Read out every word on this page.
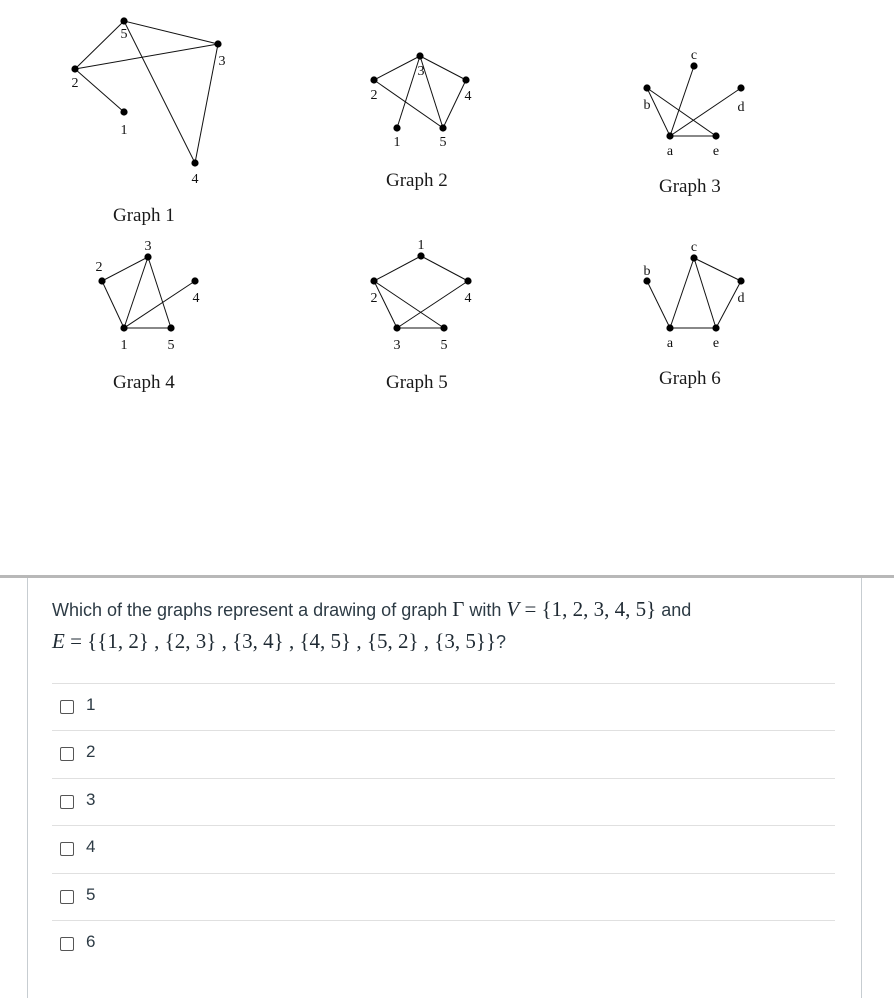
5
2
3
1
4
3
2	4
1	5
c
b	d
a	e
3
2
4
1	5
1
2	4
3	5
c
b
d
a	e
Graph 1
Graph 2	Graph 3
Graph 4	Graph 5	Graph 6
Which of the graphs represent a drawing of graph Γ with V = {1, 2, 3, 4, 5} and
E = {{1, 2} , {2, 3} , {3, 4} , {4, 5} , {5, 2} , {3, 5}}?
1
2
3
4
5
6
